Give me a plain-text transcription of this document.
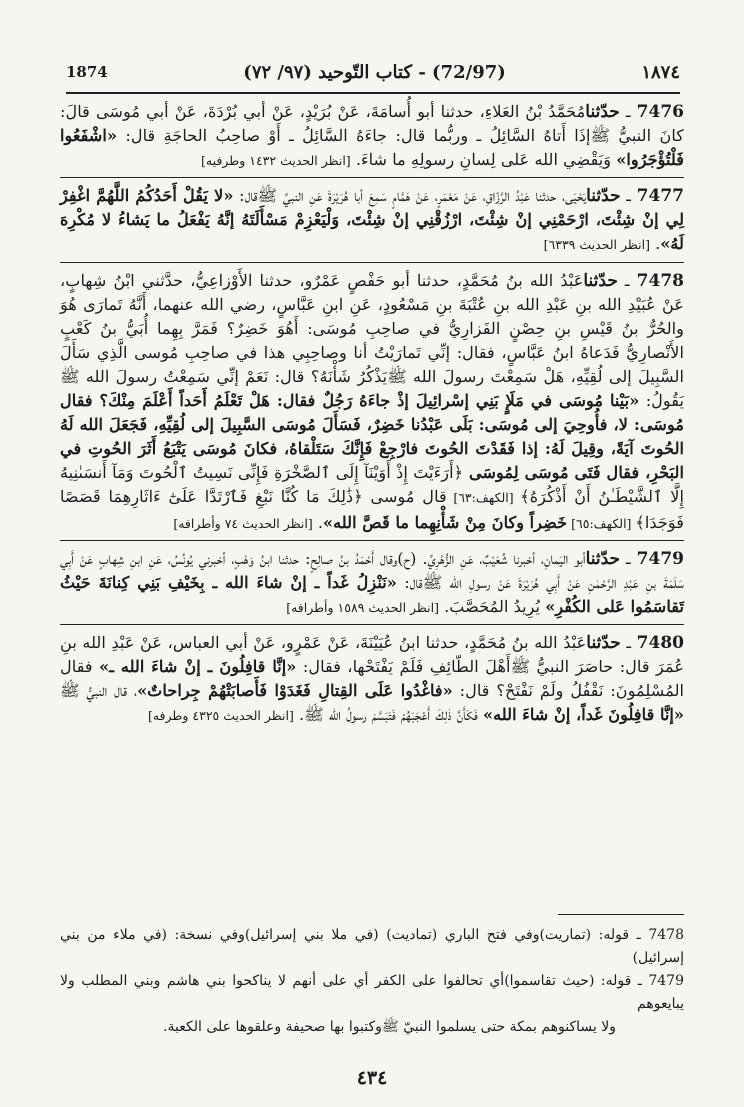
1874	(72/97) - كتاب التّوحيد (٩٧/ ٧٢)	١٨٧٤

7476 ـ حدّثنامُحَمَّدُ بْنُ العَلاءِ، حدثنا أبو أُسامَةَ، عَنْ بُرَيْدٍ، عَنْ أبي بُرْدَةَ، عَنْ أبي مُوسَى قالَ: كانَ النبيُّ ﷺإذَا أَتاهُ السَّائِلُ ـ وربُّما قال: جاءَهُ السَّائِلُ ـ أَوْ صاحِبُ الحاجَةِ قال: «اشْفَعُوا فَلْتُؤْجَرُوا» وَيَقْضِي الله عَلى لِسانِ رسولِهِ ما شاءَ. [انظر الحديث ١٤٣٢ وطرفيه]

7477 ـ حدّثنايَحْيَى، حدثنا عَبْدُ الرَّزّاقِ، عَنْ مَعْمَرٍ، عَنْ هَمَّامٍ سَمِعَ أبا هُرَيْرَةَ عَنِ النبيِّ ﷺقال: «لا يَقُلْ أَحَدُكُمُ اللَّهُمَّ اغْفِرْ لِي إنْ شِئْتَ، ارْحَمْنِي إنْ شِئْتَ، ارْزُقْنِي إنْ شِئْتَ، وَلْيَعْزِمْ مَسْأَلَتَهُ إنَّهُ يَفْعَلُ ما يَشاءُ لا مُكْرِهَ لَهُ». [انظر الحديث ٦٣٣٩]

7478 ـ حدّثناعَبْدُ الله بنُ مُحَمَّدٍ، حدثنا أبو حَفْصٍ عَمْرٌو، حدثنا الأَوْزاعِيُّ، حدَّثني ابْنُ شِهابٍ، عَنْ عُبَيْدِ الله بنِ عَبْدِ الله بنِ عُتْبَةَ بنِ مَسْعُودٍ، عَنِ ابنِ عَبَّاسٍ، رضي الله عنهما، أَنَّهُ تَمارَى هُوَ والحُرُّ بنُ قَيْسِ بنِ حِصْنٍ الفَزارِيُّ في صاحِبِ مُوسَى: أَهُوَ خَضِرٌ؟ فَمَرَّ بِهِما أُبَيُّ بنُ كَعْبٍ الأَنْصارِيُّ فَدَعاهُ ابنُ عَبَّاسٍ، فقال: إنِّي تَمارَيْتُ أنا وصاحِبِي هذا في صاحِبِ مُوسى الَّذِي سَأَلَ السَّبِيلَ إلى لُقِيِّهِ، هَلْ سَمِعْتَ رسولَ الله ﷺيَذْكُرُ شَأْنَهُ؟ قال: نَعَمْ إنِّي سَمِعْتُ رسولَ الله ﷺ يَقُولُ: «بَيْنا مُوسَى في مَلَإٍ بَنِي إسْرائِيلَ إذْ جاءَهُ رَجُلٌ فقال: هَلْ تَعْلَمُ أَحَداً أَعْلَمَ مِنْكَ؟ فقال مُوسَى: لا، فأُوحِيَ إلى مُوسَى: بَلَى عَبْدُنا خَضِرٌ، فَسَأَلَ مُوسَى السَّبِيلَ إلى لُقِيِّهِ، فَجَعَلَ الله لَهُ الحُوتَ آيَةً، وقِيلَ لَهُ: إذا فَقَدْتَ الحُوتَ فارْجِعْ فَإِنَّكَ سَتَلْقاهُ، فكانَ مُوسَى يَتْبَعُ أَثَرَ الحُوتِ في البَحْرِ، فقال فَتَى مُوسَى لِمُوسَى ﴿أَرَءَيْتَ إِذْ أَوَيْنَآ إِلَى ٱلصَّخْرَةِ فَإِنِّى نَسِيتُ ٱلْحُوتَ وَمَآ أَنسَىٰنِيهُ إِلَّا ٱلشَّيْطَـٰنُ أَنْ أَذْكُرَهُ﴾ [الكهف:٦٣] قال مُوسى ﴿ذَٰلِكَ مَا كُنَّا نَبْغِ فَٱرْتَدَّا عَلَىٰٓ ءَاثَارِهِمَا قَصَصًا فَوَجَدَا﴾ [الكهف:٦٥] خَضِراً وكانَ مِنْ شَأْنِهِما ما قَصَّ الله». [انظر الحديث ٧٤ وأطرافه]

7479 ـ حدّثناأبو اليَمانِ، أخبرنا شُعَيْبٌ، عَنِ الزُّهْرِيِّ. (ح)وقال أَحْمَدُ بنُ صالِحٍ: حدثنا ابنُ وَهْبٍ، أخبرني يُونُسُ، عَنِ ابنِ شِهابٍ عَنْ أَبِي سَلَمَةَ بنِ عَبْدِ الرَّحْمٰنِ عَنْ أَبِي هُرَيْرَةَ عَنْ رسولِ الله ﷺقال: «نَنْزِلُ غَداً ـ إنْ شاءَ الله ـ بِخَيْفِ بَنِي كِنانَةَ حَيْثُ تَقاسَمُوا عَلى الكُفْرِ» يُرِيدُ المُحَصَّبَ. [انظر الحديث ١٥٨٩ وأطرافه]

7480 ـ حدّثناعَبْدُ الله بنُ مُحَمَّدٍ، حدثنا ابنُ عُيَيْنَةَ، عَنْ عَمْرٍو، عَنْ أبي العباس، عَنْ عَبْدِ الله بنِ عُمَرَ قال: حاصَرَ النبيُّ ﷺأَهْلَ الطّائِفِ فَلَمْ يَفْتَحْها، فقال: «إنَّا قافِلُونَ ـ إنْ شاءَ الله ـ» فقال المُسْلِمُونَ: نَقْفُلُ ولَمْ نَفْتَحْ؟ قال: «فاغْدُوا عَلَى القِتالِ فَغَدَوْا فَأَصابَتْهُمْ جِراحاتٌ»، قال النبيُّ ﷺ «إنَّا قافِلُونَ غَداً، إنْ شاءَ الله» فَكَأَنَّ ذٰلِكَ أَعْجَبَهُمْ فَتَبَسَّمَ رسولُ الله ﷺ. [انظر الحديث ٤٣٢٥ وطرفه]

7478 ـ قوله: (تماريت)وفي فتح الباري (تماديت) (في ملا بني إسرائيل)وفي نسخة: (في ملاء من بني إسرائيل)

7479 ـ قوله: (حيث تقاسموا)أي تحالفوا على الكفر أي على أنهم لا يناكحوا بني هاشم وبني المطلب ولا يبايعوهم

ولا يساكنوهم بمكة حتى يسلموا النبيّ ﷺوكتبوا بها صحيفة وعلقوها على الكعبة.

٤٣٤
